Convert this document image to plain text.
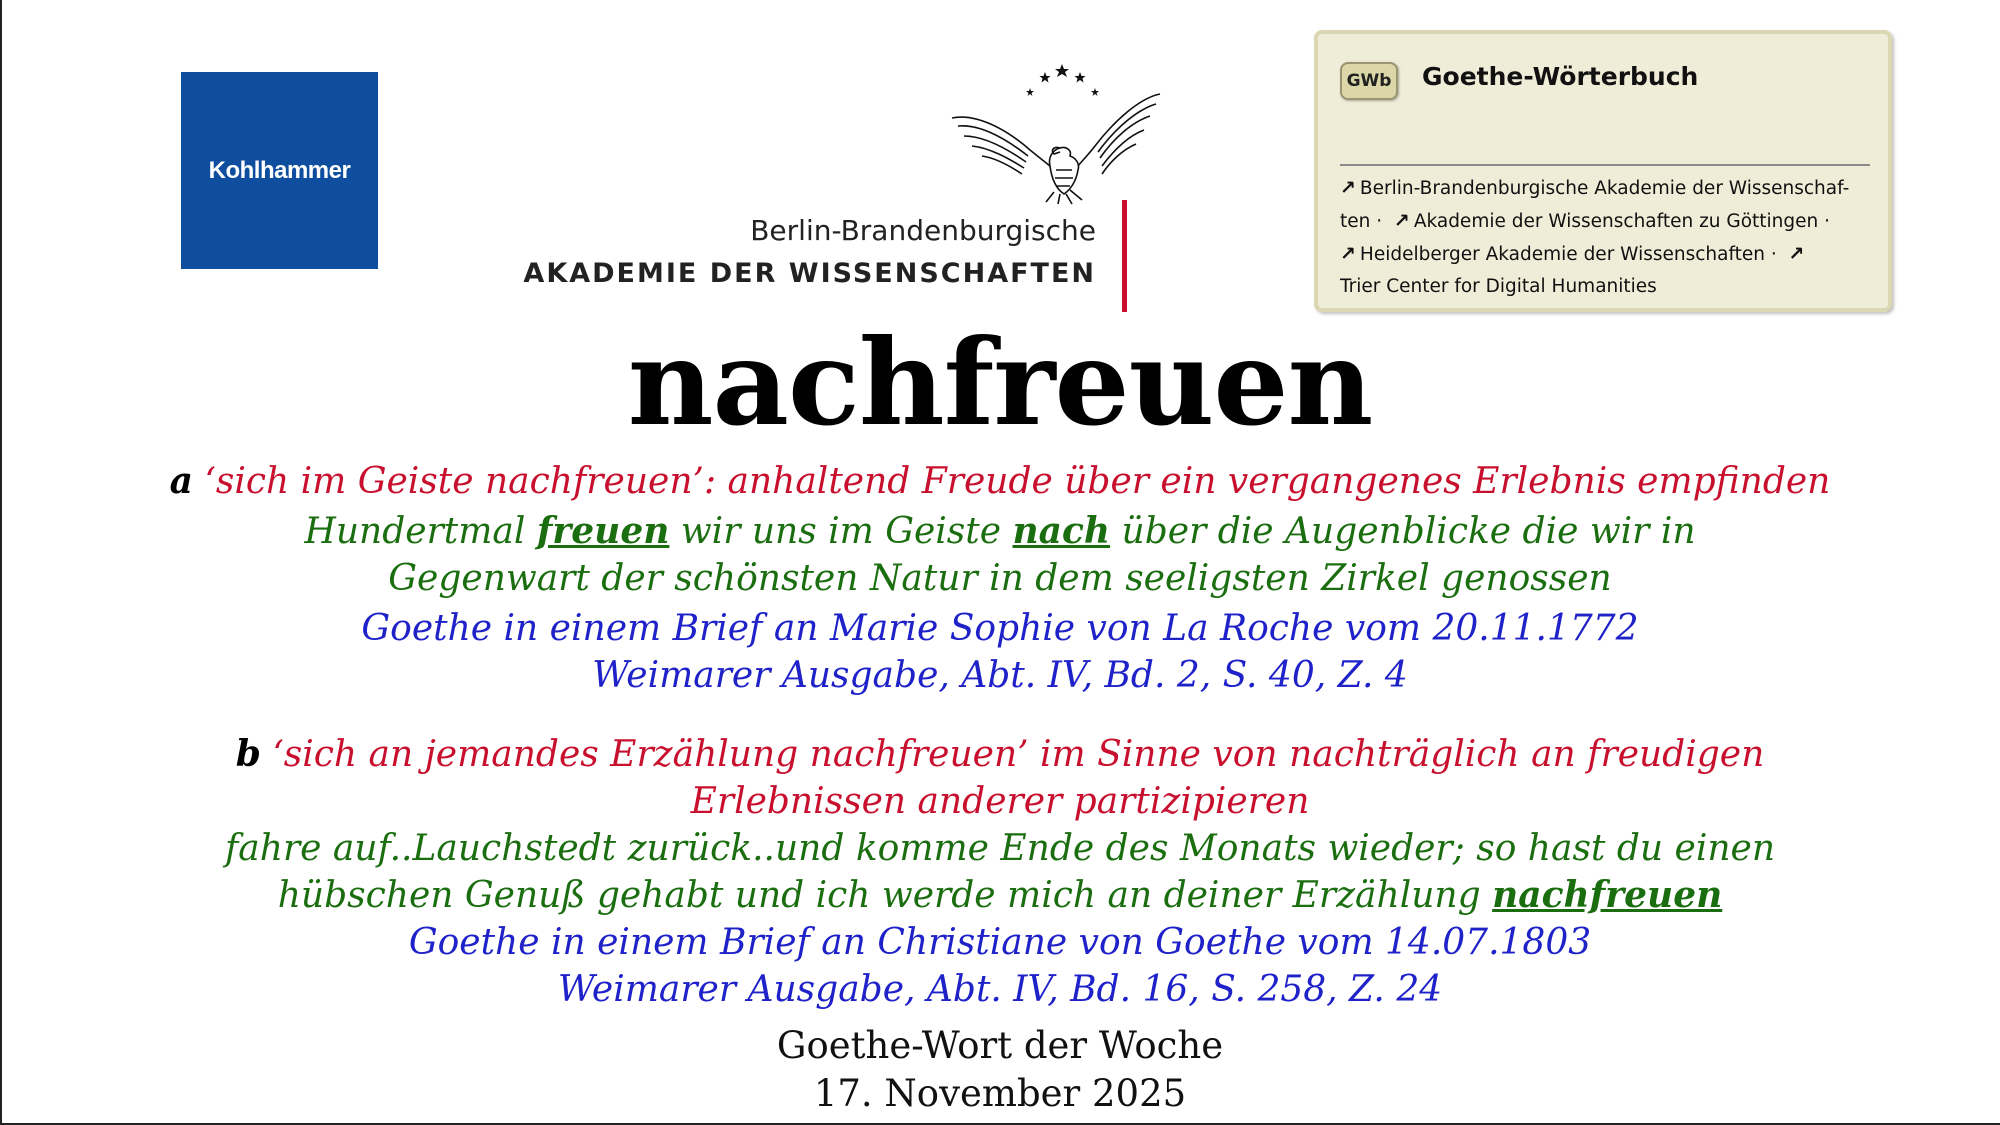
Kohlhammer
Berlin-Brandenburgische
AKADEMIE DER WISSENSCHAFTEN
GWb Goethe-Wörterbuch
↗ Berlin-Brandenburgische Akademie der Wissenschaf-
ten · ↗ Akademie der Wissenschaften zu Göttingen ·
↗ Heidelberger Akademie der Wissenschaften · ↗
Trier Center for Digital Humanities
nachfreuen
a ‘sich im Geiste nachfreuen’: anhaltend Freude über ein vergangenes Erlebnis empfinden
Hundertmal freuen wir uns im Geiste nach über die Augenblicke die wir in Gegenwart der schönsten Natur in dem seeligsten Zirkel genossen
Goethe in einem Brief an Marie Sophie von La Roche vom 20.11.1772
Weimarer Ausgabe, Abt. IV, Bd. 2, S. 40, Z. 4
b ‘sich an jemandes Erzählung nachfreuen’ im Sinne von nachträglich an freudigen Erlebnissen anderer partizipieren
fahre auf..Lauchstedt zurück..und komme Ende des Monats wieder; so hast du einen hübschen Genuß gehabt und ich werde mich an deiner Erzählung nachfreuen
Goethe in einem Brief an Christiane von Goethe vom 14.07.1803
Weimarer Ausgabe, Abt. IV, Bd. 16, S. 258, Z. 24
Goethe-Wort der Woche
17. November 2025
